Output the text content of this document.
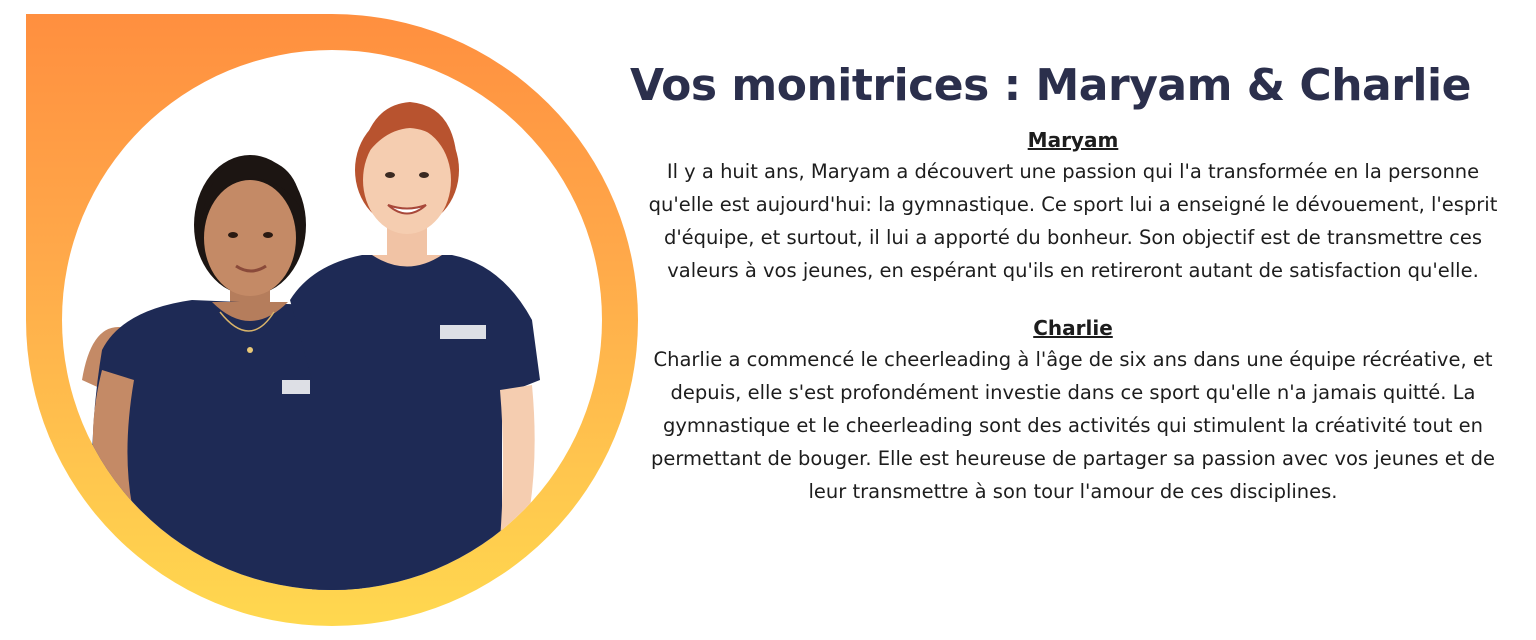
Vos monitrices : Maryam & Charlie

Maryam

Il y a huit ans, Maryam a découvert une passion qui l'a transformée en la personne qu'elle est aujourd'hui: la gymnastique. Ce sport lui a enseigné le dévouement, l'esprit d'équipe, et surtout, il lui a apporté du bonheur. Son objectif est de transmettre ces valeurs à vos jeunes, en espérant qu'ils en retireront autant de satisfaction qu'elle.

Charlie

Charlie a commencé le cheerleading à l'âge de six ans dans une équipe récréative, et depuis, elle s'est profondément investie dans ce sport qu'elle n'a jamais quitté. La gymnastique et le cheerleading sont des activités qui stimulent la créativité tout en permettant de bouger. Elle est heureuse de partager sa passion avec vos jeunes et de leur transmettre à son tour l'amour de ces disciplines.
